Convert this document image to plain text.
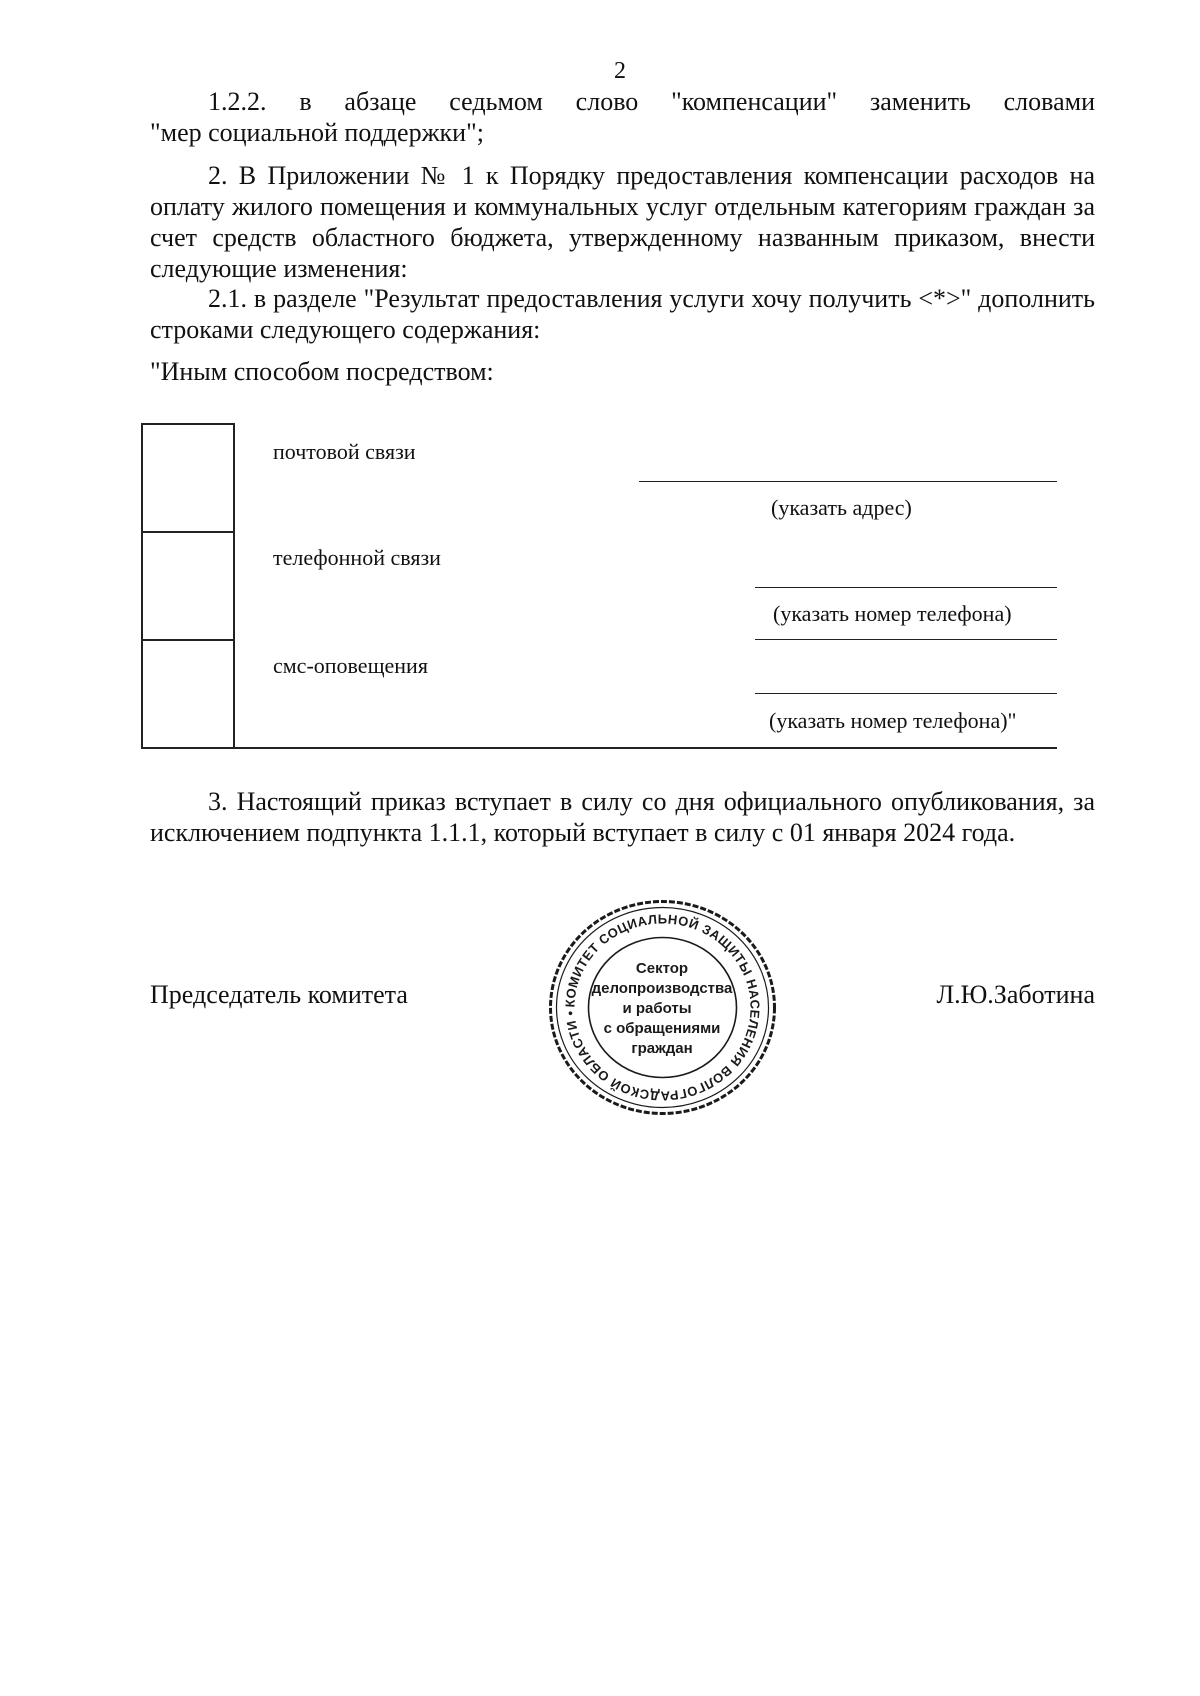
2

1.2.2. в абзаце седьмом слово "компенсации" заменить словами
"мер социальной поддержки";

2. В Приложении № 1 к Порядку предоставления компенсации расходов на оплату жилого помещения и коммунальных услуг отдельным категориям граждан за счет средств областного бюджета, утвержденному названным приказом, внести следующие изменения:

2.1. в разделе "Результат предоставления услуги хочу получить <*>" дополнить строками следующего содержания:

"Иным способом посредством:

почтовой связи
(указать адрес)
телефонной связи
(указать номер телефона)
смс-оповещения
(указать номер телефона)"

3. Настоящий приказ вступает в силу со дня официального опубликования, за исключением подпункта 1.1.1, который вступает в силу с 01 января 2024 года.

Председатель комитета	Л.Ю.Заботина
КОМИТЕТ СОЦИАЛЬНОЙ ЗАЩИТЫ НАСЕЛЕНИЯ ВОЛГОГРАДСКОЙ ОБЛАСТИ •
Сектор
делопроизводства
и работы
с обращениями
граждан
